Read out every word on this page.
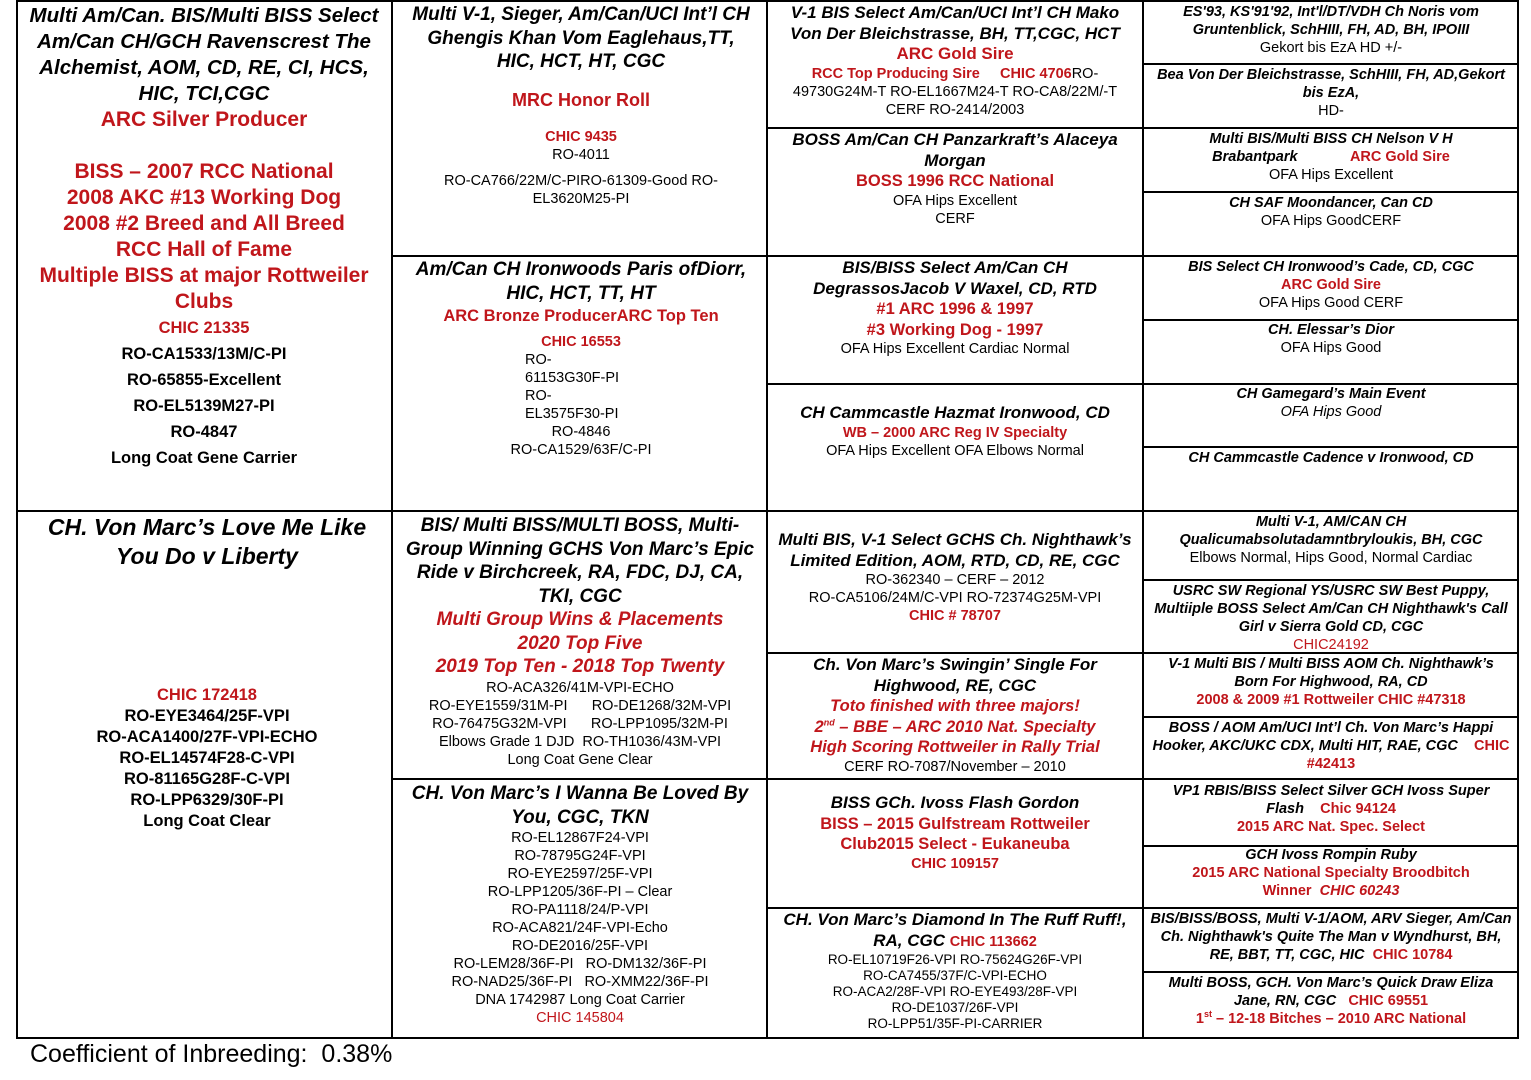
Multi Am/Can. BIS/Multi BISS Select Am/Can CH/GCH Ravenscrest The Alchemist, AOM, CD, RE, CI, HCS, HIC, TCI,CGC
ARC Silver Producer
BISS – 2007 RCC National
2008 AKC #13 Working Dog
2008 #2 Breed and All Breed
RCC Hall of Fame
Multiple BISS at major Rottweiler Clubs
CHIC 21335
RO-CA1533/13M/C-PI
RO-65855-Excellent
RO-EL5139M27-PI
RO-4847
Long Coat Gene Carrier
CH. Von Marc’s Love Me Like You Do v Liberty
CHIC 172418
RO-EYE3464/25F-VPI
RO-ACA1400/27F-VPI-ECHO
RO-EL14574F28-C-VPI
RO-81165G28F-C-VPI
RO-LPP6329/30F-PI
Long Coat Clear
Multi V-1, Sieger, Am/Can/UCI Int’l CH Ghengis Khan Vom Eaglehaus,TT, HIC, HCT, HT, CGC
MRC Honor Roll
CHIC 9435
RO-4011
RO-CA766/22M/C-PIRO-61309-Good RO-EL3620M25-PI
Am/Can CH Ironwoods Paris ofDiorr, HIC, HCT, TT, HT
ARC Bronze ProducerARC Top Ten
CHIC 16553
RO-
61153G30F-PI
RO-
EL3575F30-PI
RO-4846
RO-CA1529/63F/C-PI
BIS/ Multi BISS/MULTI BOSS, Multi-Group Winning GCHS Von Marc’s Epic Ride v Birchcreek, RA, FDC, DJ, CA, TKI, CGC
Multi Group Wins & Placements
2020 Top Five
2019 Top Ten - 2018 Top Twenty
RO-ACA326/41M-VPI-ECHO
RO-EYE1559/31M-PI RO-DE1268/32M-VPI
RO-76475G32M-VPI RO-LPP1095/32M-PI
Elbows Grade 1 DJD RO-TH1036/43M-VPI
Long Coat Gene Clear
CH. Von Marc’s I Wanna Be Loved By You, CGC, TKN
RO-EL12867F24-VPI
RO-78795G24F-VPI
RO-EYE2597/25F-VPI
RO-LPP1205/36F-PI – Clear
RO-PA1118/24/P-VPI
RO-ACA821/24F-VPI-Echo
RO-DE2016/25F-VPI
RO-LEM28/36F-PI RO-DM132/36F-PI
RO-NAD25/36F-PI RO-XMM22/36F-PI
DNA 1742987 Long Coat Carrier
CHIC 145804
V-1 BIS Select Am/Can/UCI Int’l CH Mako Von Der Bleichstrasse, BH, TT,CGC, HCT ARC Gold Sire
RCC Top Producing Sire CHIC 4706RO-49730G24M-T RO-EL1667M24-T RO-CA8/22M/-T CERF RO-2414/2003
BOSS Am/Can CH Panzarkraft’s Alaceya Morgan
BOSS 1996 RCC National
OFA Hips Excellent
CERF
BIS/BISS Select Am/Can CH DegrassosJacob V Waxel, CD, RTD
#1 ARC 1996 & 1997
#3 Working Dog - 1997
OFA Hips Excellent Cardiac Normal
CH Cammcastle Hazmat Ironwood, CD
WB – 2000 ARC Reg IV Specialty
OFA Hips Excellent OFA Elbows Normal
Multi BIS, V-1 Select GCHS Ch. Nighthawk’s Limited Edition, AOM, RTD, CD, RE, CGC
RO-362340 – CERF – 2012
RO-CA5106/24M/C-VPI RO-72374G25M-VPI
CHIC # 78707
Ch. Von Marc’s Swingin’ Single For Highwood, RE, CGC
Toto finished with three majors!
2nd – BBE – ARC 2010 Nat. Specialty
High Scoring Rottweiler in Rally Trial
CERF RO-7087/November – 2010
BISS GCh. Ivoss Flash Gordon
BISS – 2015 Gulfstream Rottweiler Club2015 Select - Eukaneuba
CHIC 109157
CH. Von Marc’s Diamond In The Ruff Ruff!, RA, CGC CHIC 113662
RO-EL10719F26-VPI RO-75624G26F-VPI
RO-CA7455/37F/C-VPI-ECHO
RO-ACA2/28F-VPI RO-EYE493/28F-VPI
RO-DE1037/26F-VPI
RO-LPP51/35F-PI-CARRIER
ES'93, KS'91'92, Int'l/DT/VDH Ch Noris vom Gruntenblick, SchHIII, FH, AD, BH, IPOIII
Gekort bis EzA HD +/-
Bea Von Der Bleichstrasse, SchHIII, FH, AD,Gekort bis EzA,
HD-
Multi BIS/Multi BISS CH Nelson V H Brabantpark	ARC Gold Sire
OFA Hips Excellent
CH SAF Moondancer, Can CD
OFA Hips GoodCERF
BIS Select CH Ironwood’s Cade, CD, CGC
ARC Gold Sire
OFA Hips Good CERF
CH. Elessar’s Dior
OFA Hips Good
CH Gamegard’s Main Event
OFA Hips Good
CH Cammcastle Cadence v Ironwood, CD
Multi V-1, AM/CAN CH Qualicumabsolutadamntbryloukis, BH, CGC
Elbows Normal, Hips Good, Normal Cardiac
USRC SW Regional YS/USRC SW Best Puppy, Multiiple BOSS Select Am/Can CH Nighthawk's Call Girl v Sierra Gold CD, CGC
CHIC24192
V-1 Multi BIS / Multi BISS AOM Ch. Nighthawk’s Born For Highwood, RA, CD
2008 & 2009 #1 Rottweiler CHIC #47318
BOSS / AOM Am/UCI Int’l Ch. Von Marc’s Happi Hooker, AKC/UKC CDX, Multi HIT, RAE, CGC CHIC #42413
VP1 RBIS/BISS Select Silver GCH Ivoss Super Flash Chic 94124
2015 ARC Nat. Spec. Select
GCH Ivoss Rompin Ruby
2015 ARC National Specialty Broodbitch Winner CHIC 60243
BIS/BISS/BOSS, Multi V-1/AOM, ARV Sieger, Am/Can Ch. Nighthawk's Quite The Man v Wyndhurst, BH, RE, BBT, TT, CGC, HIC CHIC 10784
Multi BOSS, GCH. Von Marc’s Quick Draw Eliza Jane, RN, CGC CHIC 69551
1st – 12-18 Bitches – 2010 ARC National
Coefficient of Inbreeding: 0.38%
